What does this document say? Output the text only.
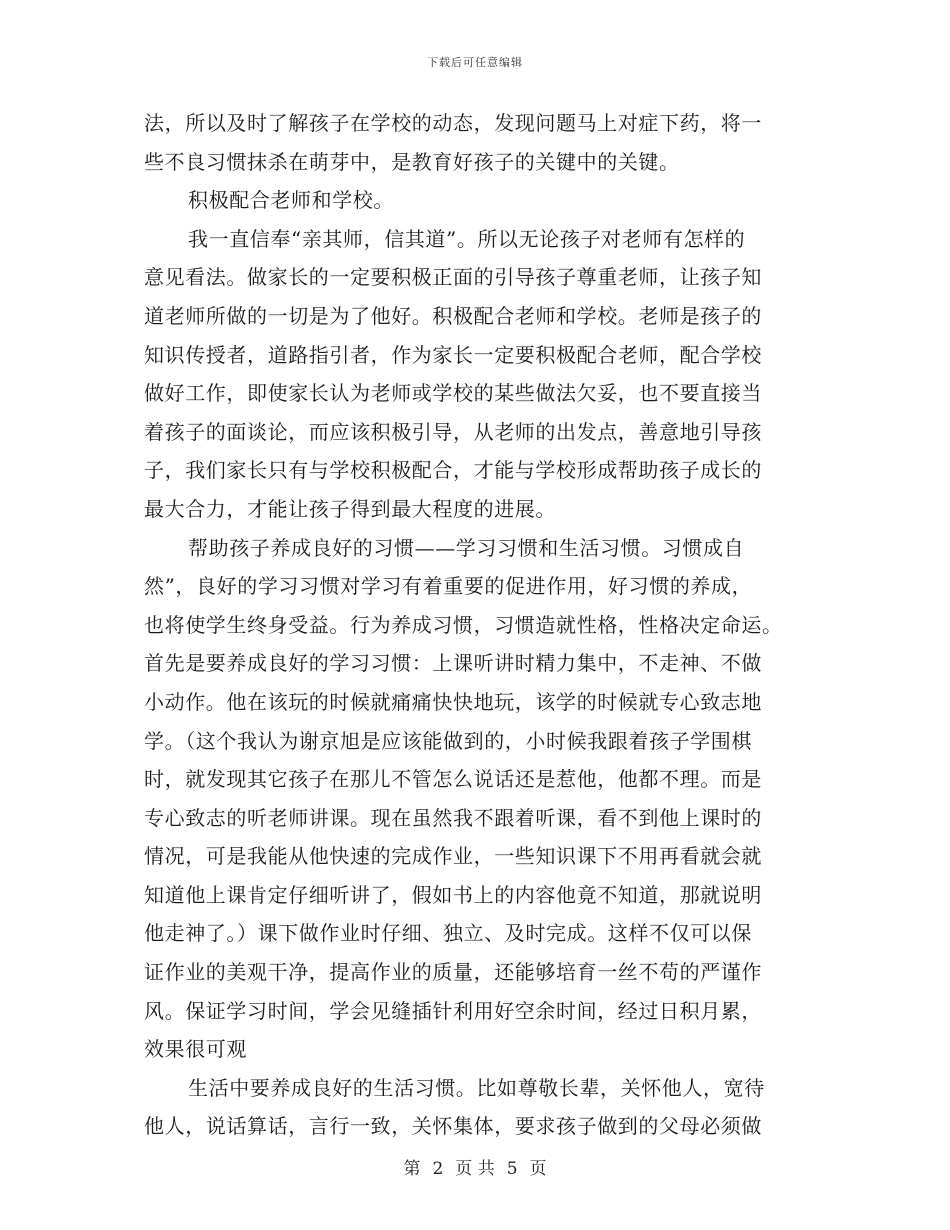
下载后可任意编辑
法，所以及时了解孩子在学校的动态，发现问题马上对症下药，将一
些不良习惯抹杀在萌芽中，是教育好孩子的关键中的关键。
积极配合老师和学校。
我一直信奉“亲其师，信其道”。所以无论孩子对老师有怎样的
意见看法。做家长的一定要积极正面的引导孩子尊重老师，让孩子知
道老师所做的一切是为了他好。积极配合老师和学校。老师是孩子的
知识传授者，道路指引者，作为家长一定要积极配合老师，配合学校
做好工作，即使家长认为老师或学校的某些做法欠妥，也不要直接当
着孩子的面谈论，而应该积极引导，从老师的出发点，善意地引导孩
子，我们家长只有与学校积极配合，才能与学校形成帮助孩子成长的
最大合力，才能让孩子得到最大程度的进展。
帮助孩子养成良好的习惯——学习习惯和生活习惯。习惯成自
然”，良好的学习习惯对学习有着重要的促进作用，好习惯的养成，
也将使学生终身受益。行为养成习惯，习惯造就性格，性格决定命运。
首先是要养成良好的学习习惯：上课听讲时精力集中，不走神、不做
小动作。他在该玩的时候就痛痛快快地玩，该学的时候就专心致志地
学。（这个我认为谢京旭是应该能做到的，小时候我跟着孩子学围棋
时，就发现其它孩子在那儿不管怎么说话还是惹他，他都不理。而是
专心致志的听老师讲课。现在虽然我不跟着听课，看不到他上课时的
情况，可是我能从他快速的完成作业，一些知识课下不用再看就会就
知道他上课肯定仔细听讲了，假如书上的内容他竟不知道，那就说明
他走神了。）课下做作业时仔细、独立、及时完成。这样不仅可以保
证作业的美观干净，提高作业的质量，还能够培育一丝不苟的严谨作
风。保证学习时间，学会见缝插针利用好空余时间，经过日积月累，
效果很可观
生活中要养成良好的生活习惯。比如尊敬长辈，关怀他人，宽待
他人，说话算话，言行一致，关怀集体，要求孩子做到的父母必须做
第 2 页 共 5 页
